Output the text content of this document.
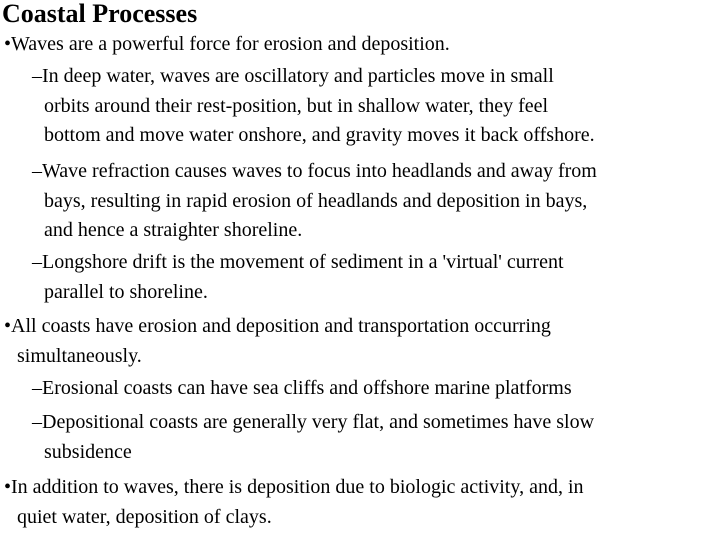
Coastal Processes
•Waves are a powerful force for erosion and deposition.
–In deep water, waves are oscillatory and particles move in small
orbits around their rest-position, but in shallow water, they feel
bottom and move water onshore, and gravity moves it back offshore.
–Wave refraction causes waves to focus into headlands and away from
bays, resulting in rapid erosion of headlands and deposition in bays,
and hence a straighter shoreline.
–Longshore drift is the movement of sediment in a 'virtual' current
parallel to shoreline.
•All coasts have erosion and deposition and transportation occurring
simultaneously.
–Erosional coasts can have sea cliffs and offshore marine platforms
–Depositional coasts are generally very flat, and sometimes have slow
subsidence
•In addition to waves, there is deposition due to biologic activity, and, in
quiet water, deposition of clays.
